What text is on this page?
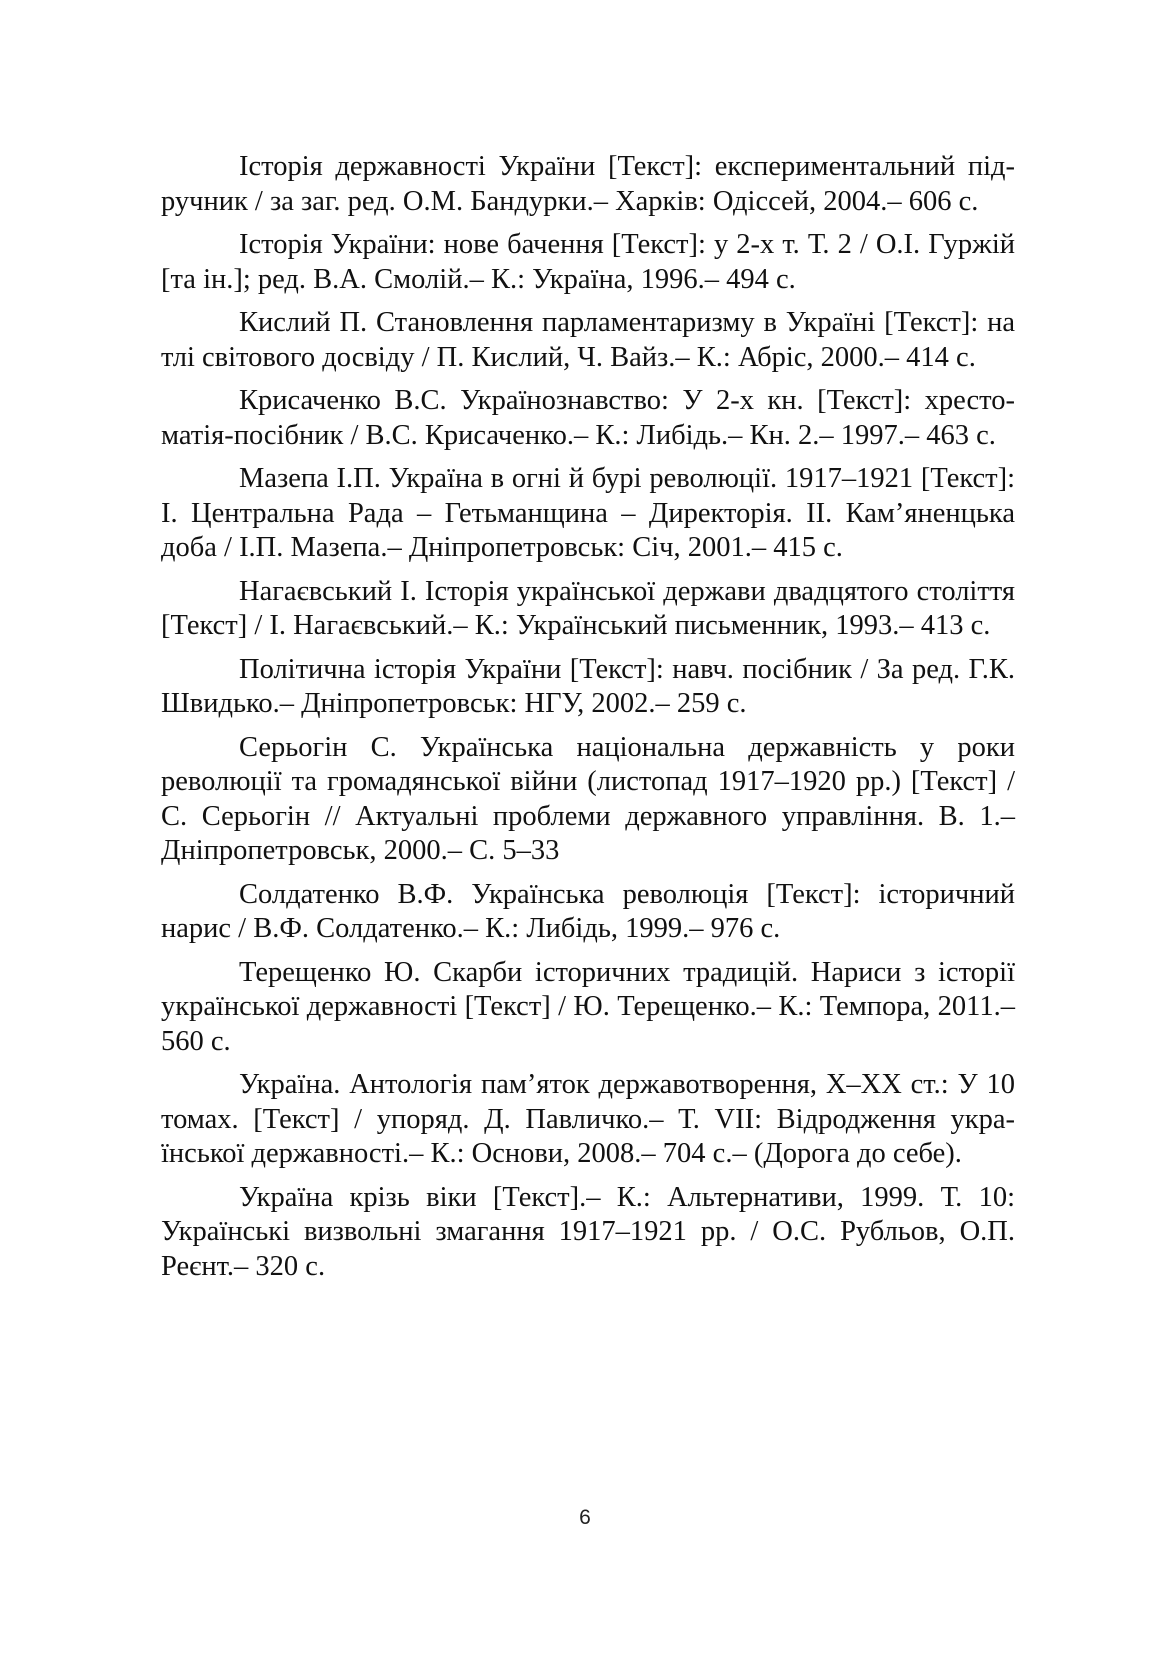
Історія державності України [Текст]: експериментальний підручник / за заг. ред. О.М. Бандурки.– Харків: Одіссей, 2004.– 606 с.

Історія України: нове бачення [Текст]: у 2-х т. Т. 2 / О.І. Гуржій [та ін.]; ред. В.А. Смолій.– К.: Україна, 1996.– 494 с.

Кислий П. Становлення парламентаризму в Україні [Текст]: на тлі світового досвіду / П. Кислий, Ч. Вайз.– К.: Абріс, 2000.– 414 с.

Крисаченко В.С. Українознавство: У 2-х кн. [Текст]: хрестоматія-посібник / В.С. Крисаченко.– К.: Либідь.– Кн. 2.– 1997.– 463 с.

Мазепа І.П. Україна в огні й бурі революції. 1917–1921 [Текст]: I. Центральна Рада – Гетьманщина – Директорія. II. Кам’яненцька доба / І.П. Мазепа.– Дніпропетровськ: Січ, 2001.– 415 с.

Нагаєвський І. Історія української держави двадцятого століття [Текст] / І. Нагаєвський.– К.: Український письменник, 1993.– 413 с.

Політична історія України [Текст]: навч. посібник / За ред. Г.К. Швидько.– Дніпропетровськ: НГУ, 2002.– 259 с.

Серьогін С. Українська національна державність у роки революції та громадянської війни (листопад 1917–1920 рр.) [Текст] / С. Серьогін // Актуальні проблеми державного управління. В. 1.– Дніпропетровськ, 2000.– С. 5–33

Солдатенко В.Ф. Українська революція [Текст]: історичний нарис / В.Ф. Солдатенко.– К.: Либідь, 1999.– 976 с.

Терещенко Ю. Скарби історичних традицій. Нариси з історії української державності [Текст] / Ю. Терещенко.– К.: Темпора, 2011.– 560 с.

Україна. Антологія пам’яток державотворення, Х–ХХ ст.: У 10 томах. [Текст] / упоряд. Д. Павличко.– Т. VII: Відродження української державності.– К.: Основи, 2008.– 704 с.– (Дорога до себе).

Україна крізь віки [Текст].– К.: Альтернативи, 1999. Т. 10: Українські визвольні змагання 1917–1921 рр. / О.С. Рубльов, О.П. Реєнт.– 320 с.

6
